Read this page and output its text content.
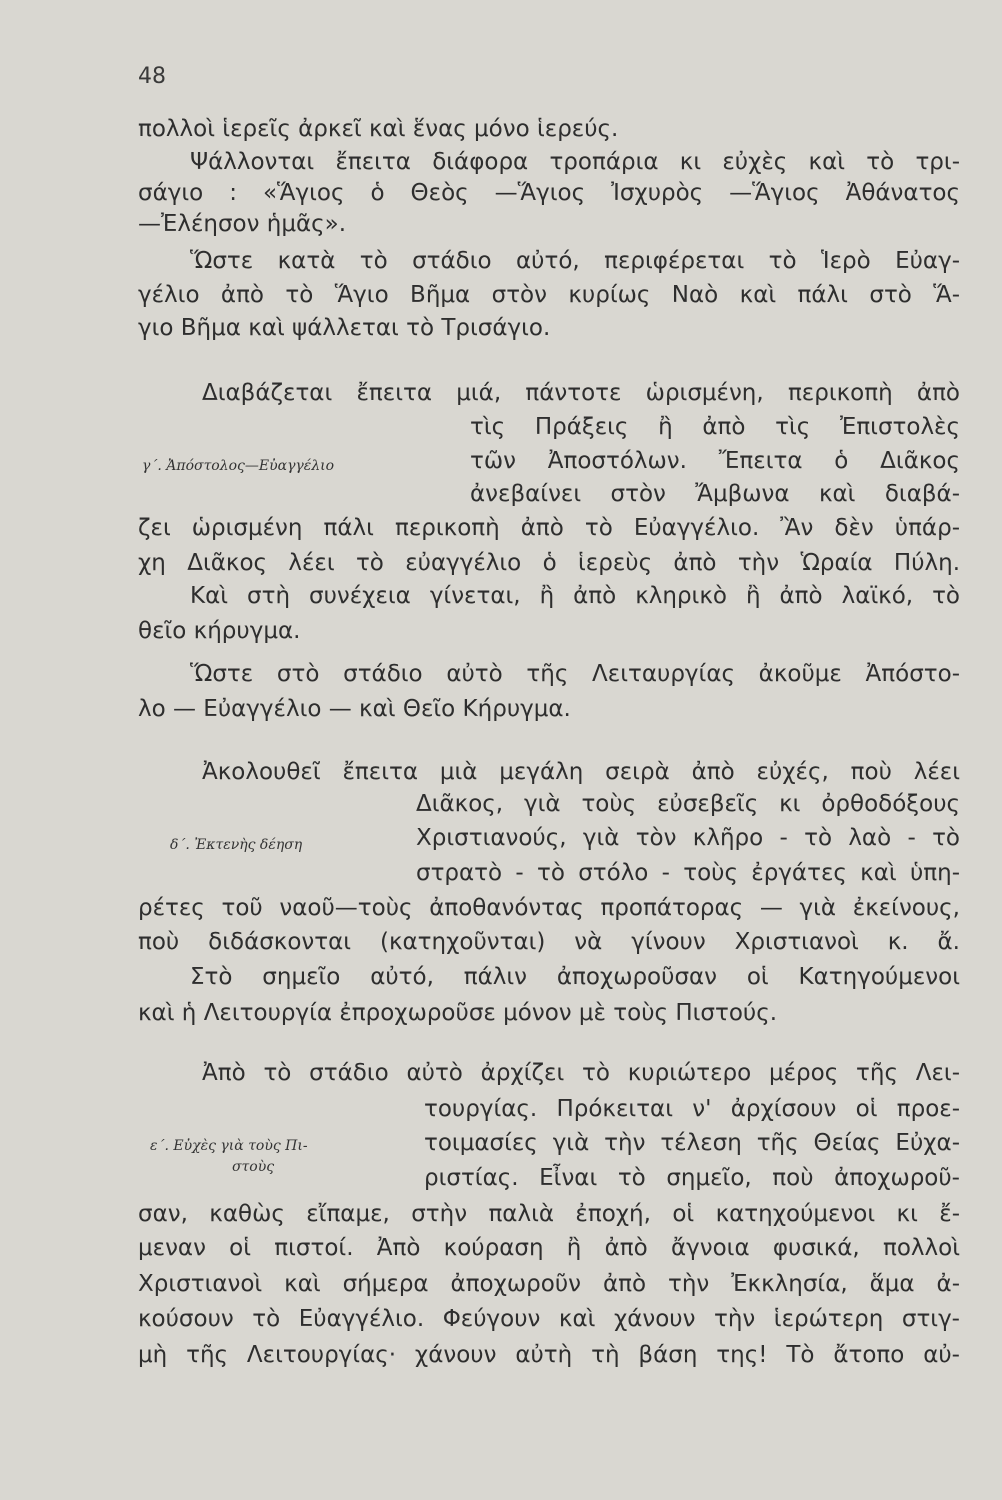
48
πολλοὶ ἱερεῖς ἀρκεῖ καὶ ἕνας μόνο ἱερεύς.
Ψάλλονται ἔπειτα διάφορα τροπάρια κι εὐχὲς καὶ τὸ τρι-
σάγιο : «Ἅγιος ὁ Θεὸς —Ἅγιος Ἰσχυρὸς —Ἅγιος Ἀθάνατος
—Ἐλέησον ἡμᾶς».
Ὥστε κατὰ τὸ στάδιο αὐτό, περιφέρεται τὸ Ἱερὸ Εὐαγ-
γέλιο ἀπὸ τὸ Ἅγιο Βῆμα στὸν κυρίως Ναὸ καὶ πάλι στὸ Ἅ-
γιο Βῆμα καὶ ψάλλεται τὸ Τρισάγιο.
Διαβάζεται ἔπειτα μιά, πάντοτε ὡρισμένη, περικοπὴ ἀπὸ
τὶς Πράξεις ἢ ἀπὸ τὶς Ἐπιστολὲς
γ΄. Ἀπόστολος—Εὐαγγέλιο	τῶν Ἀποστόλων. Ἔπειτα ὁ Διᾶκος
ἀνεβαίνει στὸν Ἄμβωνα καὶ διαβά-
ζει ὡρισμένη πάλι περικοπὴ ἀπὸ τὸ Εὐαγγέλιο. Ἂν δὲν ὑπάρ-
χη Διᾶκος λέει τὸ εὐαγγέλιο ὁ ἱερεὺς ἀπὸ τὴν Ὡραία Πύλη.
Καὶ στὴ συνέχεια γίνεται, ἢ ἀπὸ κληρικὸ ἢ ἀπὸ λαϊκό, τὸ
θεῖο κήρυγμα.
Ὥστε στὸ στάδιο αὐτὸ τῆς Λειταυργίας ἀκοῦμε Ἀπόστο-
λο — Εὐαγγέλιο — καὶ Θεῖο Κήρυγμα.
Ἀκολουθεῖ ἔπειτα μιὰ μεγάλη σειρὰ ἀπὸ εὐχές, ποὺ λέει
Διᾶκος, γιὰ τοὺς εὐσεβεῖς κι ὀρθοδόξους
δ΄. Ἐκτενὴς δέηση	Χριστιανούς, γιὰ τὸν κλῆρο - τὸ λαὸ - τὸ
στρατὸ - τὸ στόλο - τοὺς ἐργάτες καὶ ὑπη-
ρέτες τοῦ ναοῦ—τοὺς ἀποθανόντας προπάτορας — γιὰ ἐκείνους,
ποὺ διδάσκονται (κατηχοῦνται) νὰ γίνουν Χριστιανοὶ κ. ἄ.
Στὸ σημεῖο αὐτό, πάλιν ἀποχωροῦσαν οἱ Κατηγούμενοι
καὶ ἡ Λειτουργία ἐπροχωροῦσε μόνον μὲ τοὺς Πιστούς.
Ἀπὸ τὸ στάδιο αὐτὸ ἀρχίζει τὸ κυριώτερο μέρος τῆς Λει-
τουργίας. Πρόκειται ν' ἀρχίσουν οἱ προε-
ε΄. Εὐχὲς γιὰ τοὺς Πι-
στοὺς
τοιμασίες γιὰ τὴν τέλεση τῆς Θείας Εὐχα-
ριστίας. Εἶναι τὸ σημεῖο, ποὺ ἀποχωροῦ-
σαν, καθὼς εἴπαμε, στὴν παλιὰ ἐποχή, οἱ κατηχούμενοι κι ἔ-
μεναν οἱ πιστοί. Ἀπὸ κούραση ἢ ἀπὸ ἄγνοια φυσικά, πολλοὶ
Χριστιανοὶ καὶ σήμερα ἀποχωροῦν ἀπὸ τὴν Ἐκκλησία, ἅμα ἀ-
κούσουν τὸ Εὐαγγέλιο. Φεύγουν καὶ χάνουν τὴν ἱερώτερη στιγ-
μὴ τῆς Λειτουργίας· χάνουν αὐτὴ τὴ βάση της! Τὸ ἄτοπο αὐ-
